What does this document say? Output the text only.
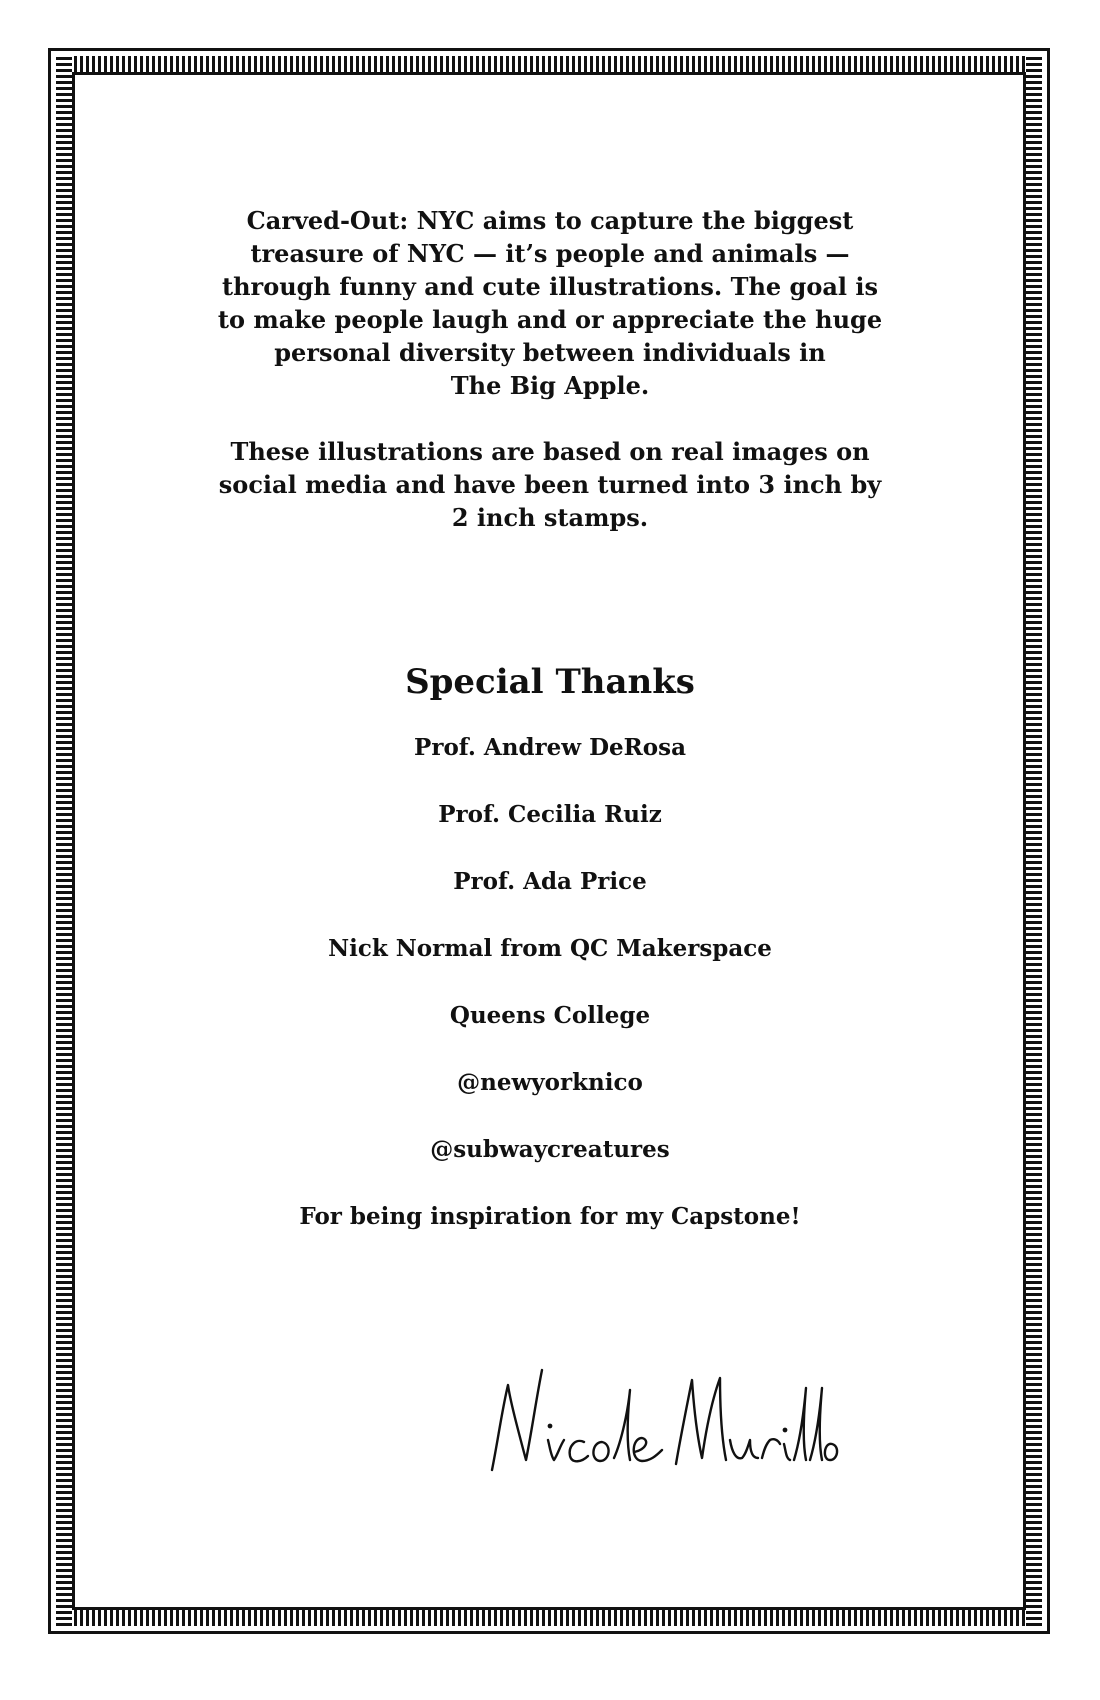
Carved-Out: NYC aims to capture the biggest
treasure of NYC — it’s people and animals —
through funny and cute illustrations. The goal is
to make people laugh and or appreciate the huge
personal diversity between individuals in
The Big Apple.

These illustrations are based on real images on
social media and have been turned into 3 inch by
2 inch stamps.

Special Thanks
Prof. Andrew DeRosa
Prof. Cecilia Ruiz
Prof. Ada Price
Nick Normal from QC Makerspace
Queens College
@newyorknico
@subwaycreatures
For being inspiration for my Capstone!
